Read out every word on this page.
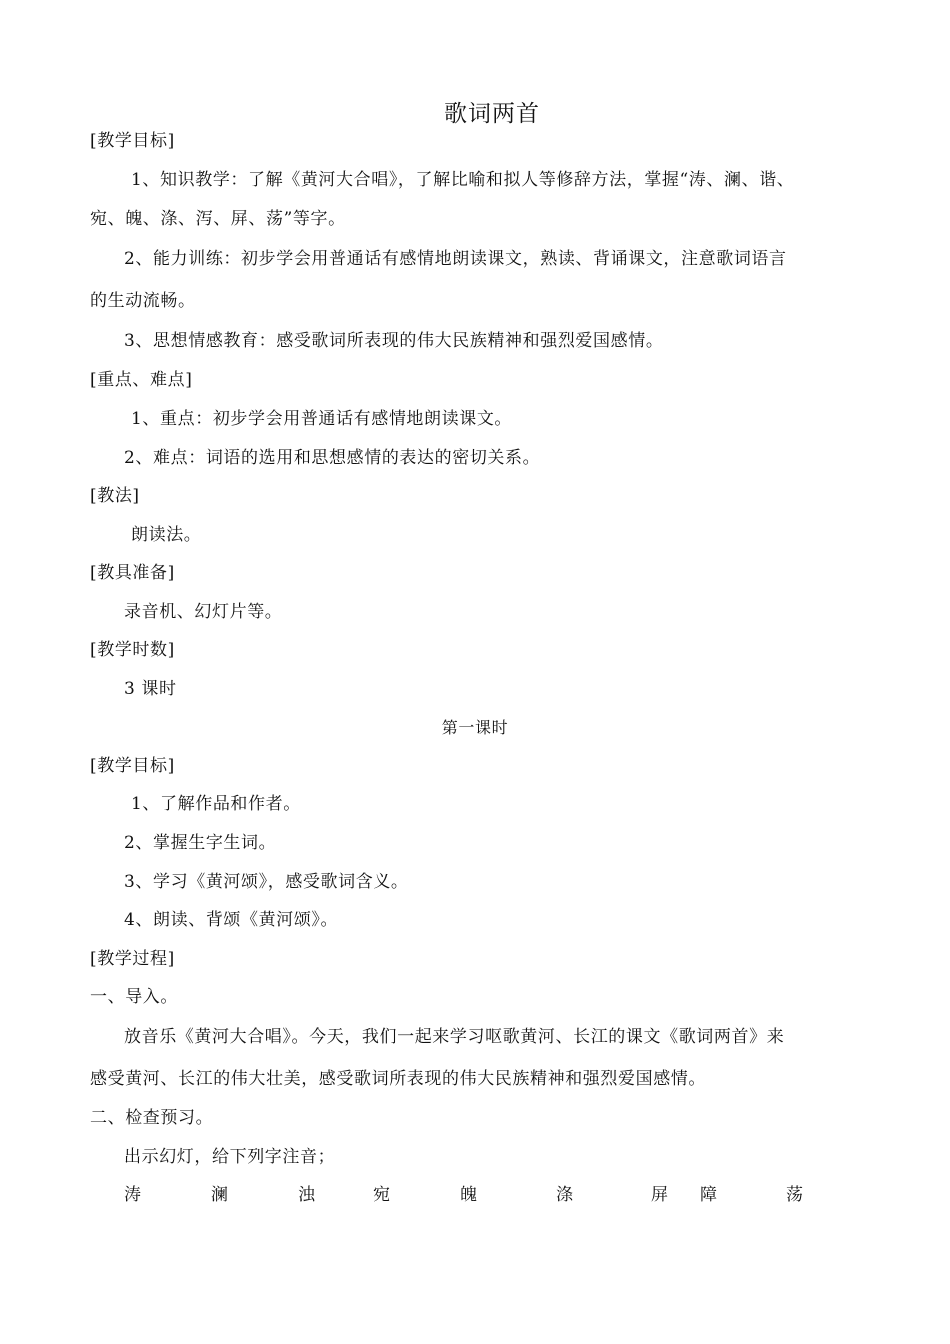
歌词两首
[教学目标]
1、知识教学：了解《黄河大合唱》，了解比喻和拟人等修辞方法，掌握“涛、澜、谐、
宛、魄、涤、泻、屏、荡”等字。
2、能力训练：初步学会用普通话有感情地朗读课文，熟读、背诵课文，注意歌词语言
的生动流畅。
3、思想情感教育：感受歌词所表现的伟大民族精神和强烈爱国感情。
[重点、难点]
1、重点：初步学会用普通话有感情地朗读课文。
2、难点：词语的选用和思想感情的表达的密切关系。
[教法]
朗读法。
[教具准备]
录音机、幻灯片等。
[教学时数]
3 课时
第一课时
[教学目标]
1、了解作品和作者。
2、掌握生字生词。
3、学习《黄河颂》，感受歌词含义。
4、朗读、背颂《黄河颂》。
[教学过程]
一、导入。
放音乐《黄河大合唱》。今天，我们一起来学习呕歌黄河、长江的课文《歌词两首》来
感受黄河、长江的伟大壮美，感受歌词所表现的伟大民族精神和强烈爱国感情。
二、检查预习。
出示幻灯，给下列字注音；
涛	澜	浊	宛	魄	涤	屏 障	荡
